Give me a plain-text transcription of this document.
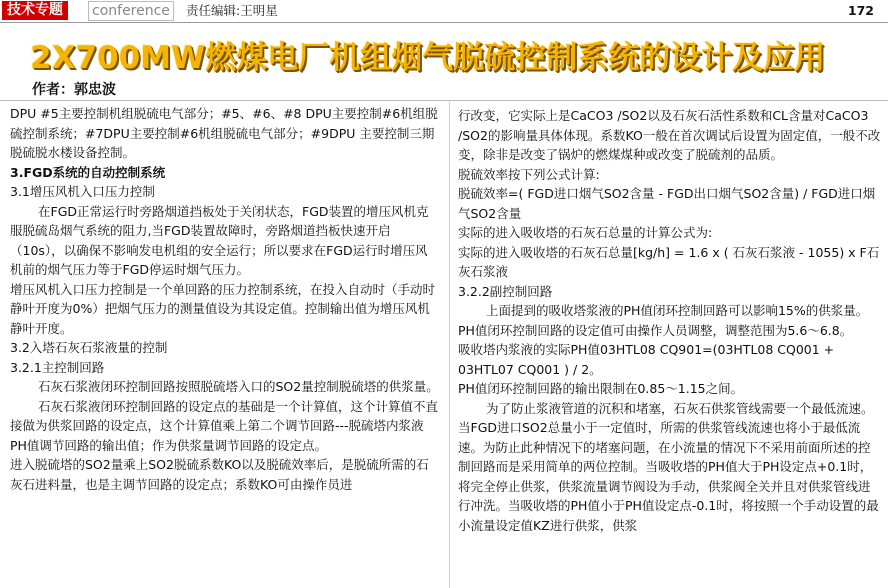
技术专题	conference	责任编辑:王明星	172
2X700MW燃煤电厂机组烟气脱硫控制系统的设计及应用
作者：郭忠波

DPU #5主要控制机组脱硫电气部分；#5、#6、#8 DPU主要控制#6机组脱硫控制系统；#7DPU主要控制#6机组脱硫电气部分；#9DPU 主要控制三期脱硫脱水楼设备控制。

3.FGD系统的自动控制系统

3.1增压风机入口压力控制

在FGD正常运行时旁路烟道挡板处于关闭状态，FGD装置的增压风机克服脱硫岛烟气系统的阻力,当FGD装置故障时，旁路烟道挡板快速开启（10s），以确保不影响发电机组的安全运行；所以要求在FGD运行时增压风机前的烟气压力等于FGD停运时烟气压力。

增压风机入口压力控制是一个单回路的压力控制系统，在投入自动时（手动时静叶开度为0%）把烟气压力的测量值设为其设定值。控制输出值为增压风机静叶开度。

3.2入塔石灰石浆液量的控制

3.2.1主控制回路

石灰石浆液闭环控制回路按照脱硫塔入口的SO2量控制脱硫塔的供浆量。

石灰石浆液闭环控制回路的设定点的基础是一个计算值，这个计算值不直接做为供浆回路的设定点，这个计算值乘上第二个调节回路---脱硫塔内浆液PH值调节回路的输出值；作为供浆量调节回路的设定点。

进入脱硫塔的SO2量乘上SO2脱硫系数KO以及脱硫效率后，是脱硫所需的石灰石进料量，也是主调节回路的设定点；系数KO可由操作员进

行改变，它实际上是CaCO3 /SO2以及石灰石活性系数和CL含量对CaCO3 /SO2的影响量具体体现。系数KO一般在首次调试后设置为固定值，一般不改变，除非是改变了锅炉的燃煤煤种或改变了脱硫剂的品质。

脱硫效率按下列公式计算:

脱硫效率=( FGD进口烟气SO2含量 - FGD出口烟气SO2含量) / FGD进口烟气SO2含量

实际的进入吸收塔的石灰石总量的计算公式为:

实际的进入吸收塔的石灰石总量[kg/h] = 1.6 x ( 石灰石浆液 - 1055) x F石灰石浆液

3.2.2副控制回路

上面提到的吸收塔浆液的PH值闭环控制回路可以影响15%的供浆量。PH值闭环控制回路的设定值可由操作人员调整，调整范围为5.6～6.8。

吸收塔内浆液的实际PH值03HTL08 CQ901=(03HTL08 CQ001 + 03HTL07 CQ001 ) / 2。

PH值闭环控制回路的输出限制在0.85～1.15之间。

为了防止浆液管道的沉积和堵塞，石灰石供浆管线需要一个最低流速。当FGD进口SO2总量小于一定值时，所需的供浆管线流速也将小于最低流速。为防止此种情况下的堵塞问题，在小流量的情况下不采用前面所述的控制回路而是采用简单的两位控制。当吸收塔的PH值大于PH设定点+0.1时，将完全停止供浆，供浆流量调节阀设为手动，供浆阀全关并且对供浆管线进行冲洗。当吸收塔的PH值小于PH值设定点-0.1时，将按照一个手动设置的最小流量设定值KZ进行供浆，供浆
